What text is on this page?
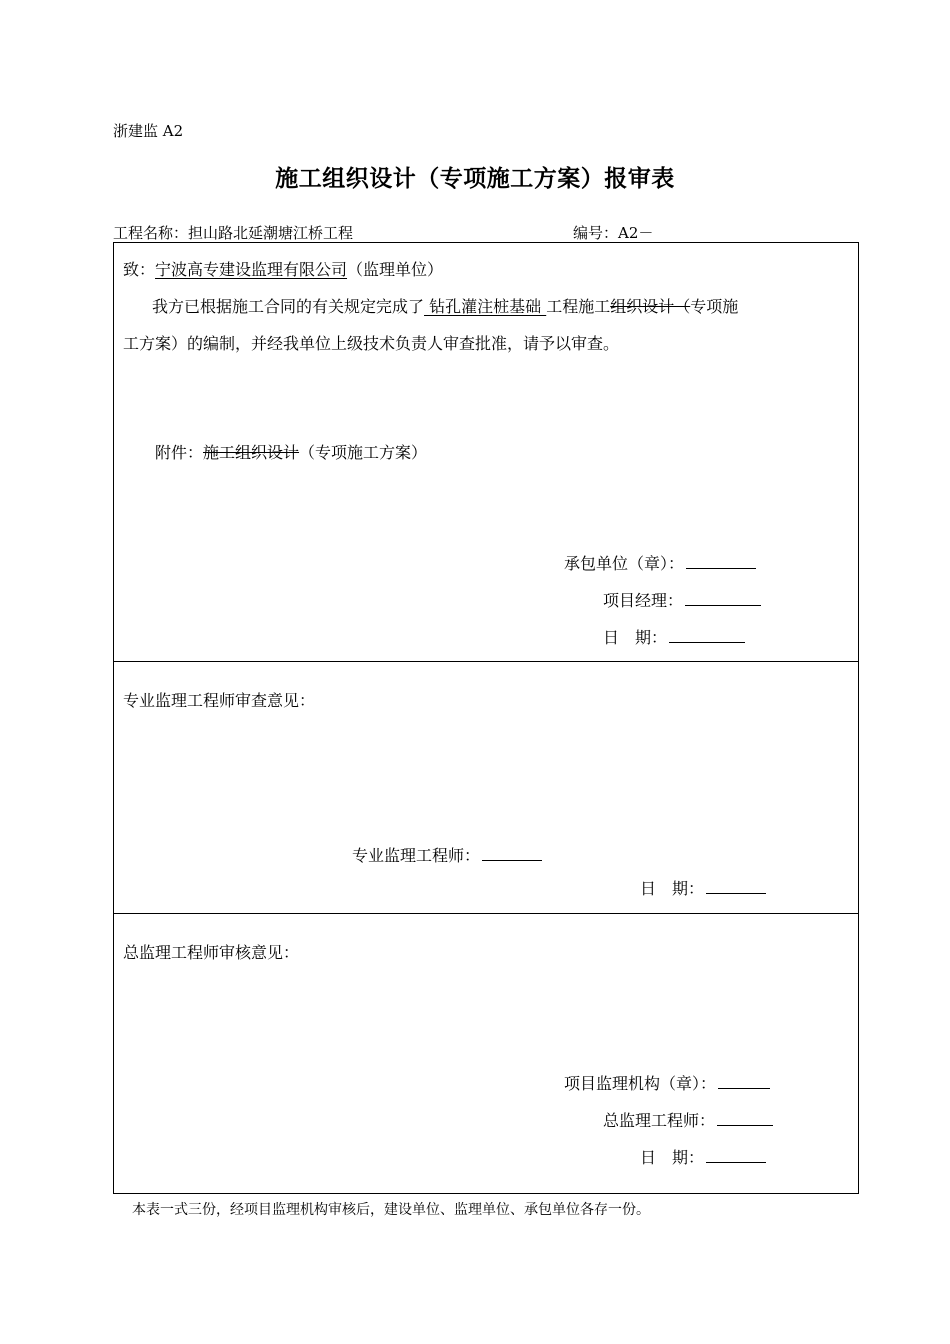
浙建监 A2
施工组织设计（专项施工方案）报审表
工程名称：担山路北延潮塘江桥工程	编号：A2－
致：宁波高专建设监理有限公司（监理单位）
我方已根据施工合同的有关规定完成了 钻孔灌注桩基础 工程施工组织设计（专项施
工方案）的编制，并经我单位上级技术负责人审查批准，请予以审查。
附件：施工组织设计（专项施工方案）
承包单位（章）：
项目经理：
日　期：
专业监理工程师审查意见：
专业监理工程师：
日　期：
总监理工程师审核意见：
项目监理机构（章）：
总监理工程师：
日　期：
本表一式三份，经项目监理机构审核后，建设单位、监理单位、承包单位各存一份。
